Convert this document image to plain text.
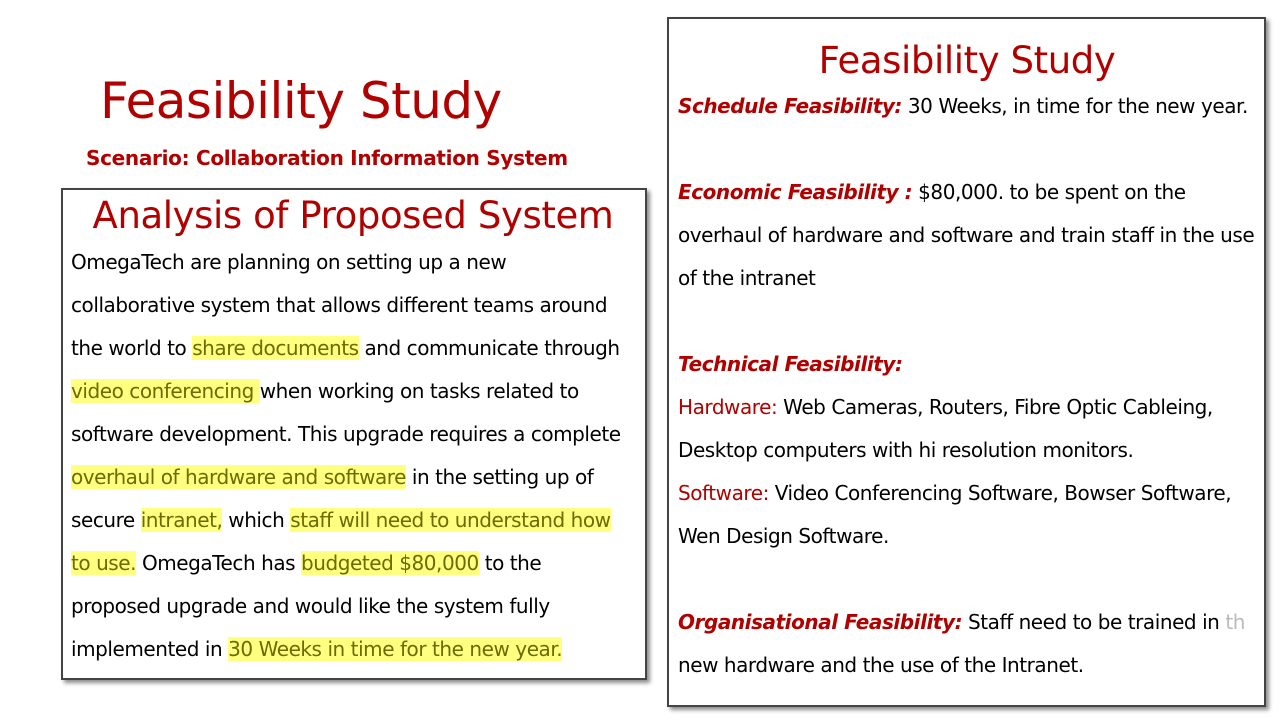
Feasibility Study
Scenario: Collaboration Information System
Analysis of Proposed System
OmegaTech are planning on setting up a new collaborative system that allows different teams around the world to share documents and communicate through video conferencing when working on tasks related to software development. This upgrade requires a complete overhaul of hardware and software in the setting up of secure intranet, which staff will need to understand how to use. OmegaTech has budgeted $80,000 to the proposed upgrade and would like the system fully implemented in 30 Weeks in time for the new year.
Feasibility Study
Schedule Feasibility: 30 Weeks, in time for the new year.
Economic Feasibility : $80,000. to be spent on the overhaul of hardware and software and train staff in the use of the intranet
Technical Feasibility:
Hardware: Web Cameras, Routers, Fibre Optic Cableing, Desktop computers with hi resolution monitors.
Software: Video Conferencing Software, Bowser Software, Wen Design Software.
Organisational Feasibility: Staff need to be trained in th
new hardware and the use of the Intranet.
